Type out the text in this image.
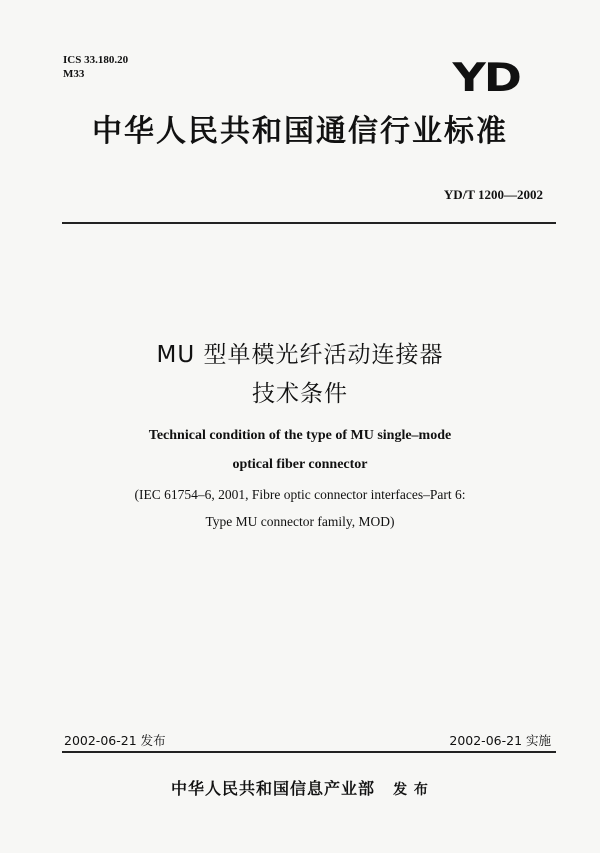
ICS 33.180.20
M33	YD
中华人民共和国通信行业标准
YD/T 1200—2002
MU 型单模光纤活动连接器
技术条件
Technical condition of the type of MU single–mode
optical fiber connector
(IEC 61754–6, 2001, Fibre optic connector interfaces–Part 6:
Type MU connector family, MOD)
2002-06-21 发布	2002-06-21 实施
中华人民共和国信息产业部 发 布
